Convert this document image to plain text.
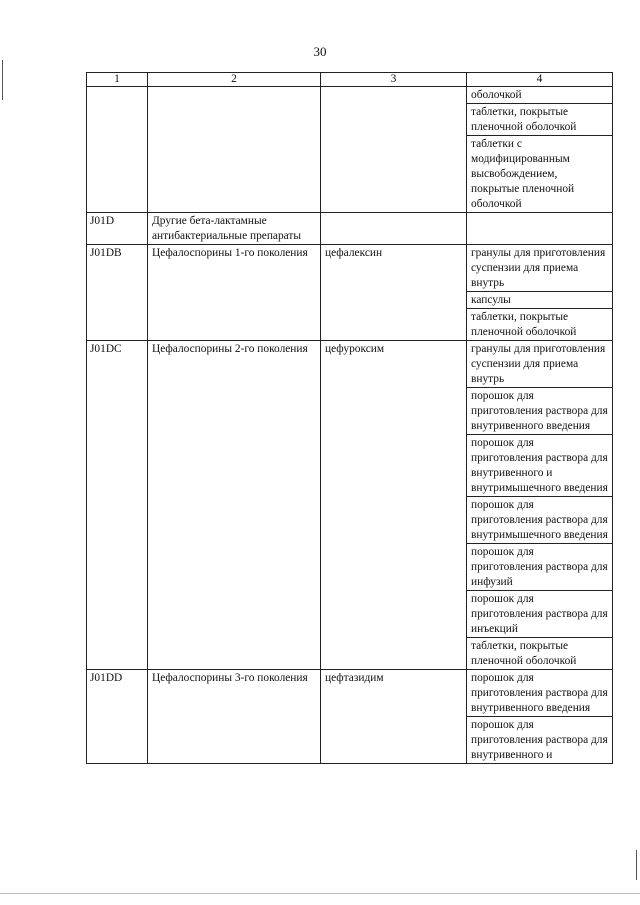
30
1	2	3	4
			оболочкой
			таблетки, покрытые пленочной оболочкой
			таблетки с модифицированным высвобождением, покрытые пленочной оболочкой
J01D	Другие бета-лактамные антибактериальные препараты		
J01DB	Цефалоспорины 1-го поколения	цефалексин	гранулы для приготовления суспензии для приема внутрь
			капсулы
			таблетки, покрытые пленочной оболочкой
J01DC	Цефалоспорины 2-го поколения	цефуроксим	гранулы для приготовления суспензии для приема внутрь
			порошок для приготовления раствора для внутривенного введения
			порошок для приготовления раствора для внутривенного и внутримышечного введения
			порошок для приготовления раствора для внутримышечного введения
			порошок для приготовления раствора для инфузий
			порошок для приготовления раствора для инъекций
			таблетки, покрытые пленочной оболочкой
J01DD	Цефалоспорины 3-го поколения	цефтазидим	порошок для приготовления раствора для внутривенного введения
			порошок для приготовления раствора для внутривенного и
